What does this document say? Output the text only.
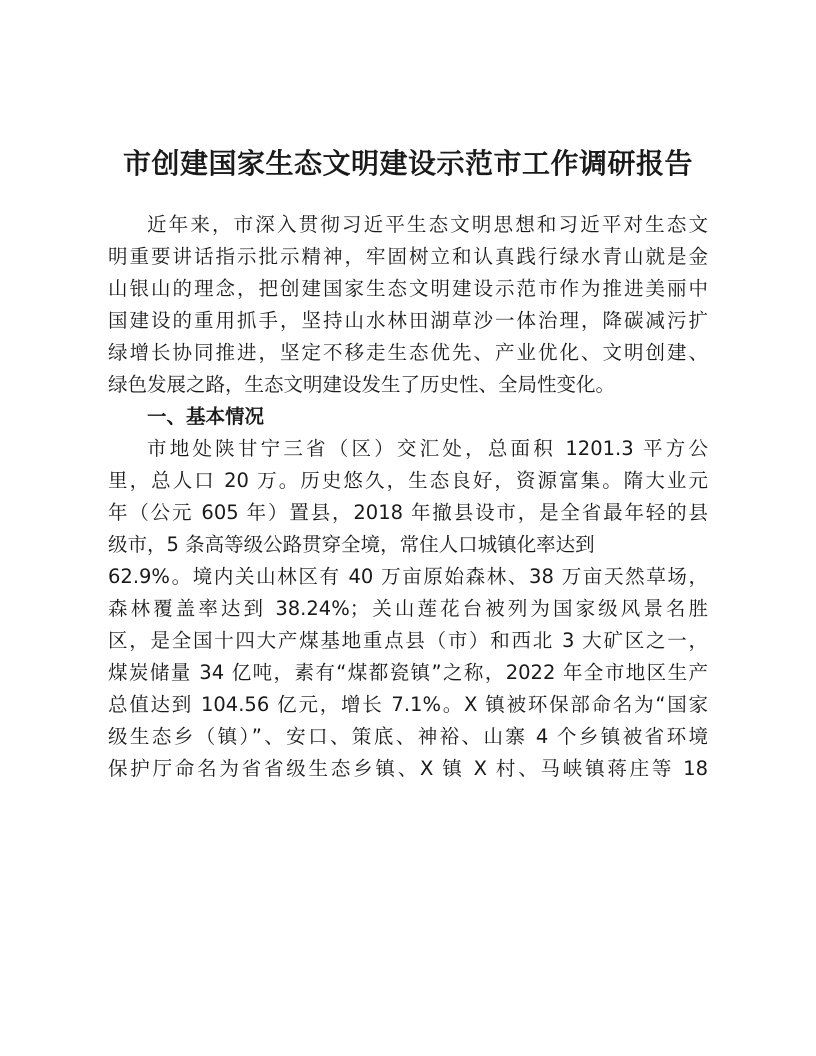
市创建国家生态文明建设示范市工作调研报告
近年来，市深入贯彻习近平生态文明思想和习近平对生态文
明重要讲话指示批示精神，牢固树立和认真践行绿水青山就是金
山银山的理念，把创建国家生态文明建设示范市作为推进美丽中
国建设的重用抓手，坚持山水林田湖草沙一体治理，降碳减污扩
绿增长协同推进，坚定不移走生态优先、产业优化、文明创建、
绿色发展之路，生态文明建设发生了历史性、全局性变化。
一、基本情况
市地处陕甘宁三省（区）交汇处，总面积 1201.3 平方公
里，总人口 20 万。历史悠久，生态良好，资源富集。隋大业元
年（公元 605 年）置县，2018 年撤县设市，是全省最年轻的县
级市，5 条高等级公路贯穿全境，常住人口城镇化率达到
62.9%。境内关山林区有 40 万亩原始森林、38 万亩天然草场，
森林覆盖率达到 38.24%；关山莲花台被列为国家级风景名胜
区，是全国十四大产煤基地重点县（市）和西北 3 大矿区之一，
煤炭储量 34 亿吨，素有“煤都瓷镇”之称，2022 年全市地区生产
总值达到 104.56 亿元，增长 7.1%。X 镇被环保部命名为“国家
级生态乡（镇）”、安口、策底、神裕、山寨 4 个乡镇被省环境
保护厅命名为省省级生态乡镇、X 镇 X 村、马峡镇蒋庄等 18
